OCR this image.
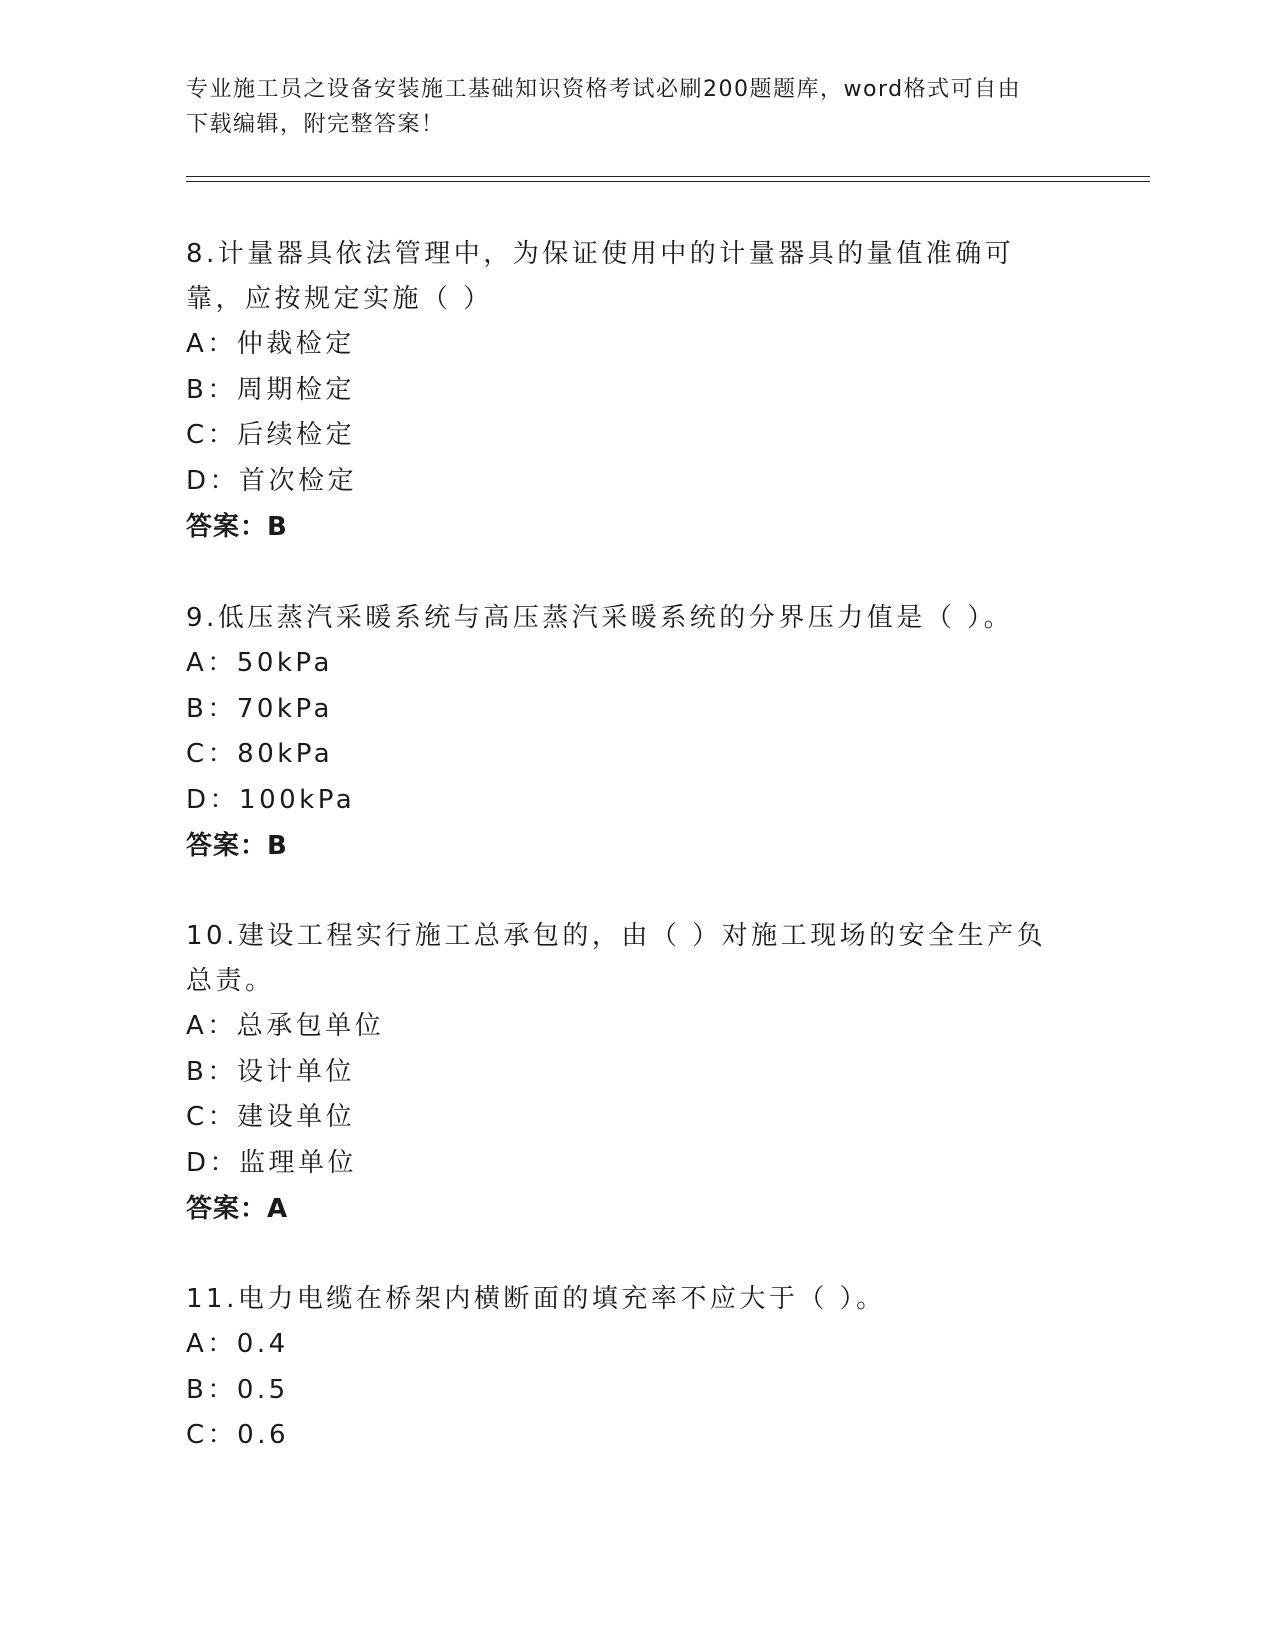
专业施工员之设备安装施工基础知识资格考试必刷200题题库，word格式可自由
下载编辑，附完整答案！
8.计量器具依法管理中，为保证使用中的计量器具的量值准确可靠，应按规定实施（ ）
A：仲裁检定
B：周期检定
C：后续检定
D：首次检定
答案：B
9.低压蒸汽采暖系统与高压蒸汽采暖系统的分界压力值是（ ）。
A：50kPa
B：70kPa
C：80kPa
D：100kPa
答案：B
10.建设工程实行施工总承包的，由（ ）对施工现场的安全生产负总责。
A：总承包单位
B：设计单位
C：建设单位
D：监理单位
答案：A
11.电力电缆在桥架内横断面的填充率不应大于（ ）。
A：0.4
B：0.5
C：0.6
